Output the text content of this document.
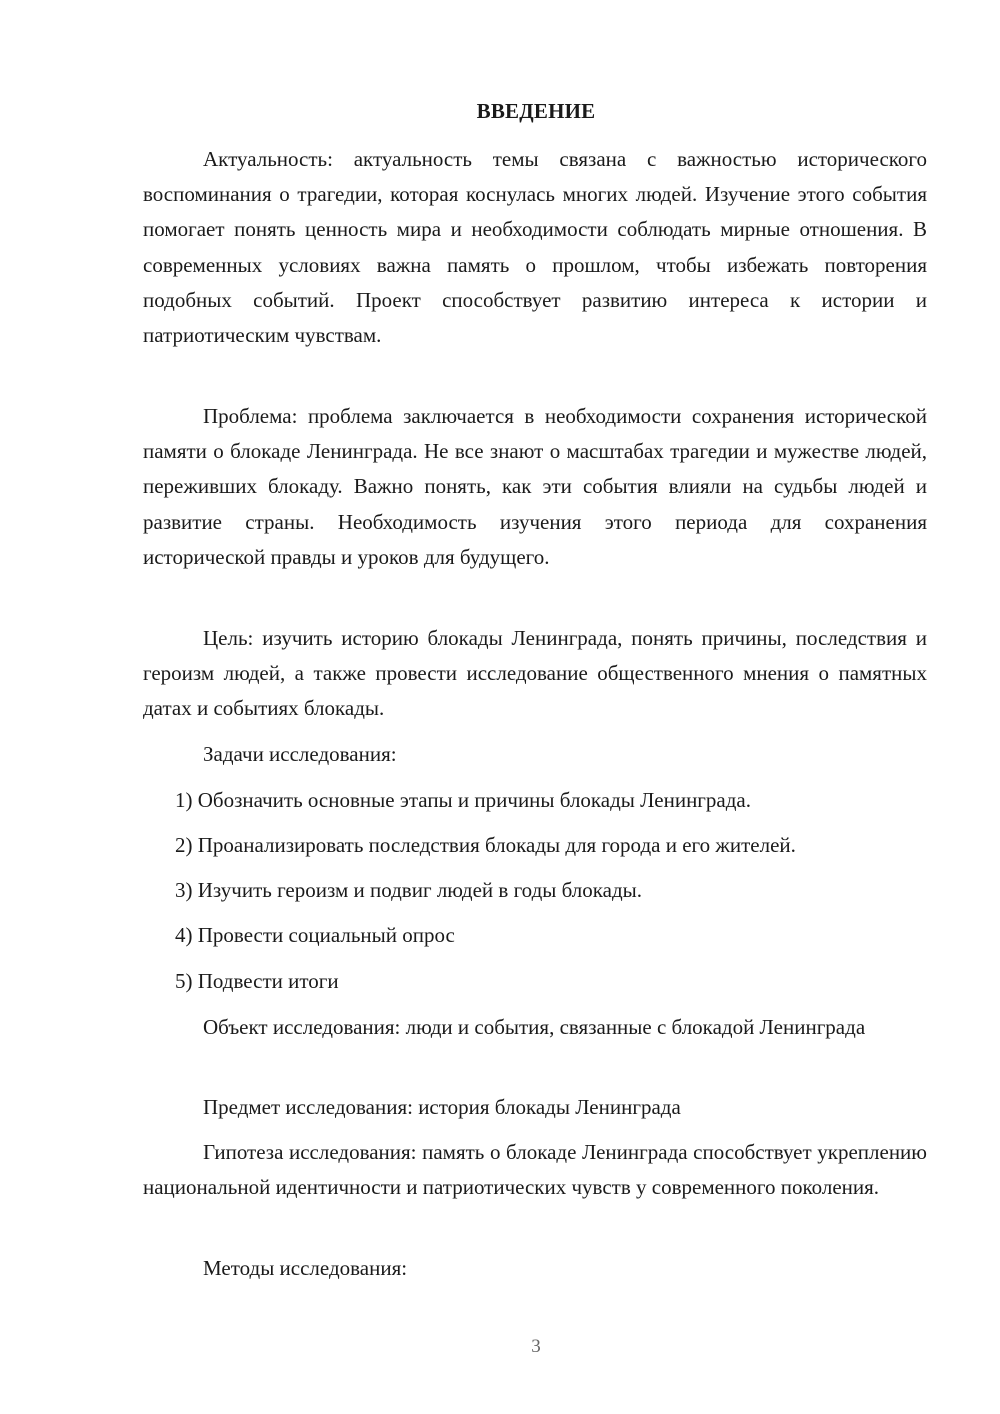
ВВЕДЕНИЕ

Актуальность: актуальность темы связана с важностью исторического воспоминания о трагедии, которая коснулась многих людей. Изучение этого события помогает понять ценность мира и необходимости соблюдать мирные отношения. В современных условиях важна память о прошлом, чтобы избежать повторения подобных событий. Проект способствует развитию интереса к истории и патриотическим чувствам.

Проблема: проблема заключается в необходимости сохранения исторической памяти о блокаде Ленинграда. Не все знают о масштабах трагедии и мужестве людей, переживших блокаду. Важно понять, как эти события влияли на судьбы людей и развитие страны. Необходимость изучения этого периода для сохранения исторической правды и уроков для будущего.

Цель: изучить историю блокады Ленинграда, понять причины, последствия и героизм людей, а также провести исследование общественного мнения о памятных датах и событиях блокады.

Задачи исследования:

1) Обозначить основные этапы и причины блокады Ленинграда.

2) Проанализировать последствия блокады для города и его жителей.

3) Изучить героизм и подвиг людей в годы блокады.

4) Провести социальный опрос

5) Подвести итоги

Объект исследования: люди и события, связанные с блокадой Ленинграда

Предмет исследования: история блокады Ленинграда

Гипотеза исследования: память о блокаде Ленинграда способствует укреплению национальной идентичности и патриотических чувств у современного поколения.

Методы исследования:

3
